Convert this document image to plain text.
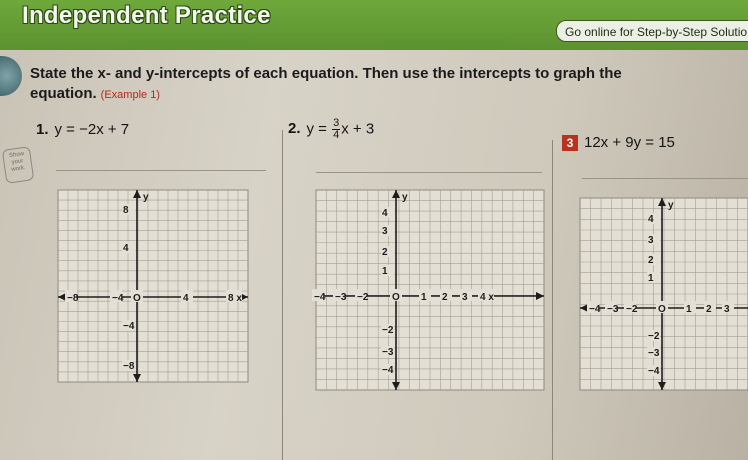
Independent Practice
Go online for Step-by-Step Solutio
State the x- and y-intercepts of each equation. Then use the intercepts to graph the equation. (Example 1)
Show your work.
1. y = −2x + 7	2. $y = \frac{3}{4}$ x + 3
3 12x + 9y = 15
y
−8	−4 O	4	8 x
8
4
−4
−8
y
−4 −3 −2 O 1 2 3 4 x
4
3
2
1
−2
−3
−4
y
−4 −3 −2 O 1 2 3
4
3
2
1
−2
−3
−4
